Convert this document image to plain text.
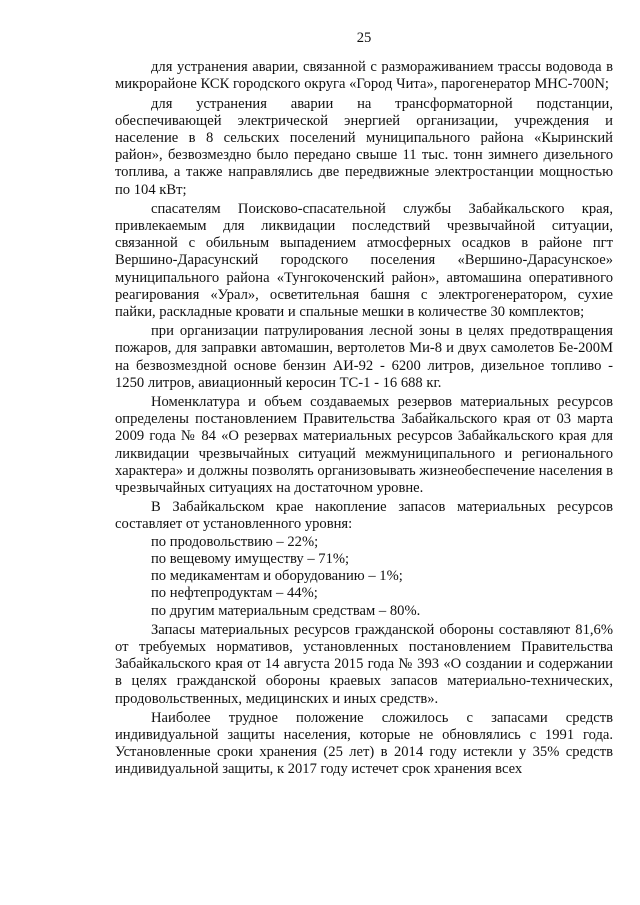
25

для устранения аварии, связанной с размораживанием трассы водовода в микрорайоне КСК городского округа «Город Чита», парогенератор МНС-700N;

для устранения аварии на трансформаторной подстанции, обеспечивающей электрической энергией организации, учреждения и население в 8 сельских поселений муниципального района «Кыринский район», безвозмездно было передано свыше 11 тыс. тонн зимнего дизельного топлива, а также направлялись две передвижные электростанции мощностью по 104 кВт;

спасателям Поисково-спасательной службы Забайкальского края, привлекаемым для ликвидации последствий чрезвычайной ситуации, связанной с обильным выпадением атмосферных осадков в районе пгт Вершино-Дарасунский городского поселения «Вершино-Дарасунское» муниципального района «Тунгокоченский район», автомашина оперативного реагирования «Урал», осветительная башня с электрогенератором, сухие пайки, раскладные кровати и спальные мешки в количестве 30 комплектов;

при организации патрулирования лесной зоны в целях предотвращения пожаров, для заправки автомашин, вертолетов Ми-8 и двух самолетов Бе-200М на безвозмездной основе бензин АИ-92 - 6200 литров, дизельное топливо - 1250 литров, авиационный керосин ТС-1 - 16 688 кг.

Номенклатура и объем создаваемых резервов материальных ресурсов определены постановлением Правительства Забайкальского края от 03 марта 2009 года № 84 «О резервах материальных ресурсов Забайкальского края для ликвидации чрезвычайных ситуаций межмуниципального и регионального характера» и должны позволять организовывать жизнеобеспечение населения в чрезвычайных ситуациях на достаточном уровне.

В Забайкальском крае накопление запасов материальных ресурсов составляет от установленного уровня:

по продовольствию – 22%;

по вещевому имуществу – 71%;

по медикаментам и оборудованию – 1%;

по нефтепродуктам – 44%;

по другим материальным средствам – 80%.

Запасы материальных ресурсов гражданской обороны составляют 81,6% от требуемых нормативов, установленных постановлением Правительства Забайкальского края от 14 августа 2015 года № 393 «О создании и содержании в целях гражданской обороны краевых запасов материально-технических, продовольственных, медицинских и иных средств».

Наиболее трудное положение сложилось с запасами средств индивидуальной защиты населения, которые не обновлялись с 1991 года. Установленные сроки хранения (25 лет) в 2014 году истекли у 35% средств индивидуальной защиты, к 2017 году истечет срок хранения всех
